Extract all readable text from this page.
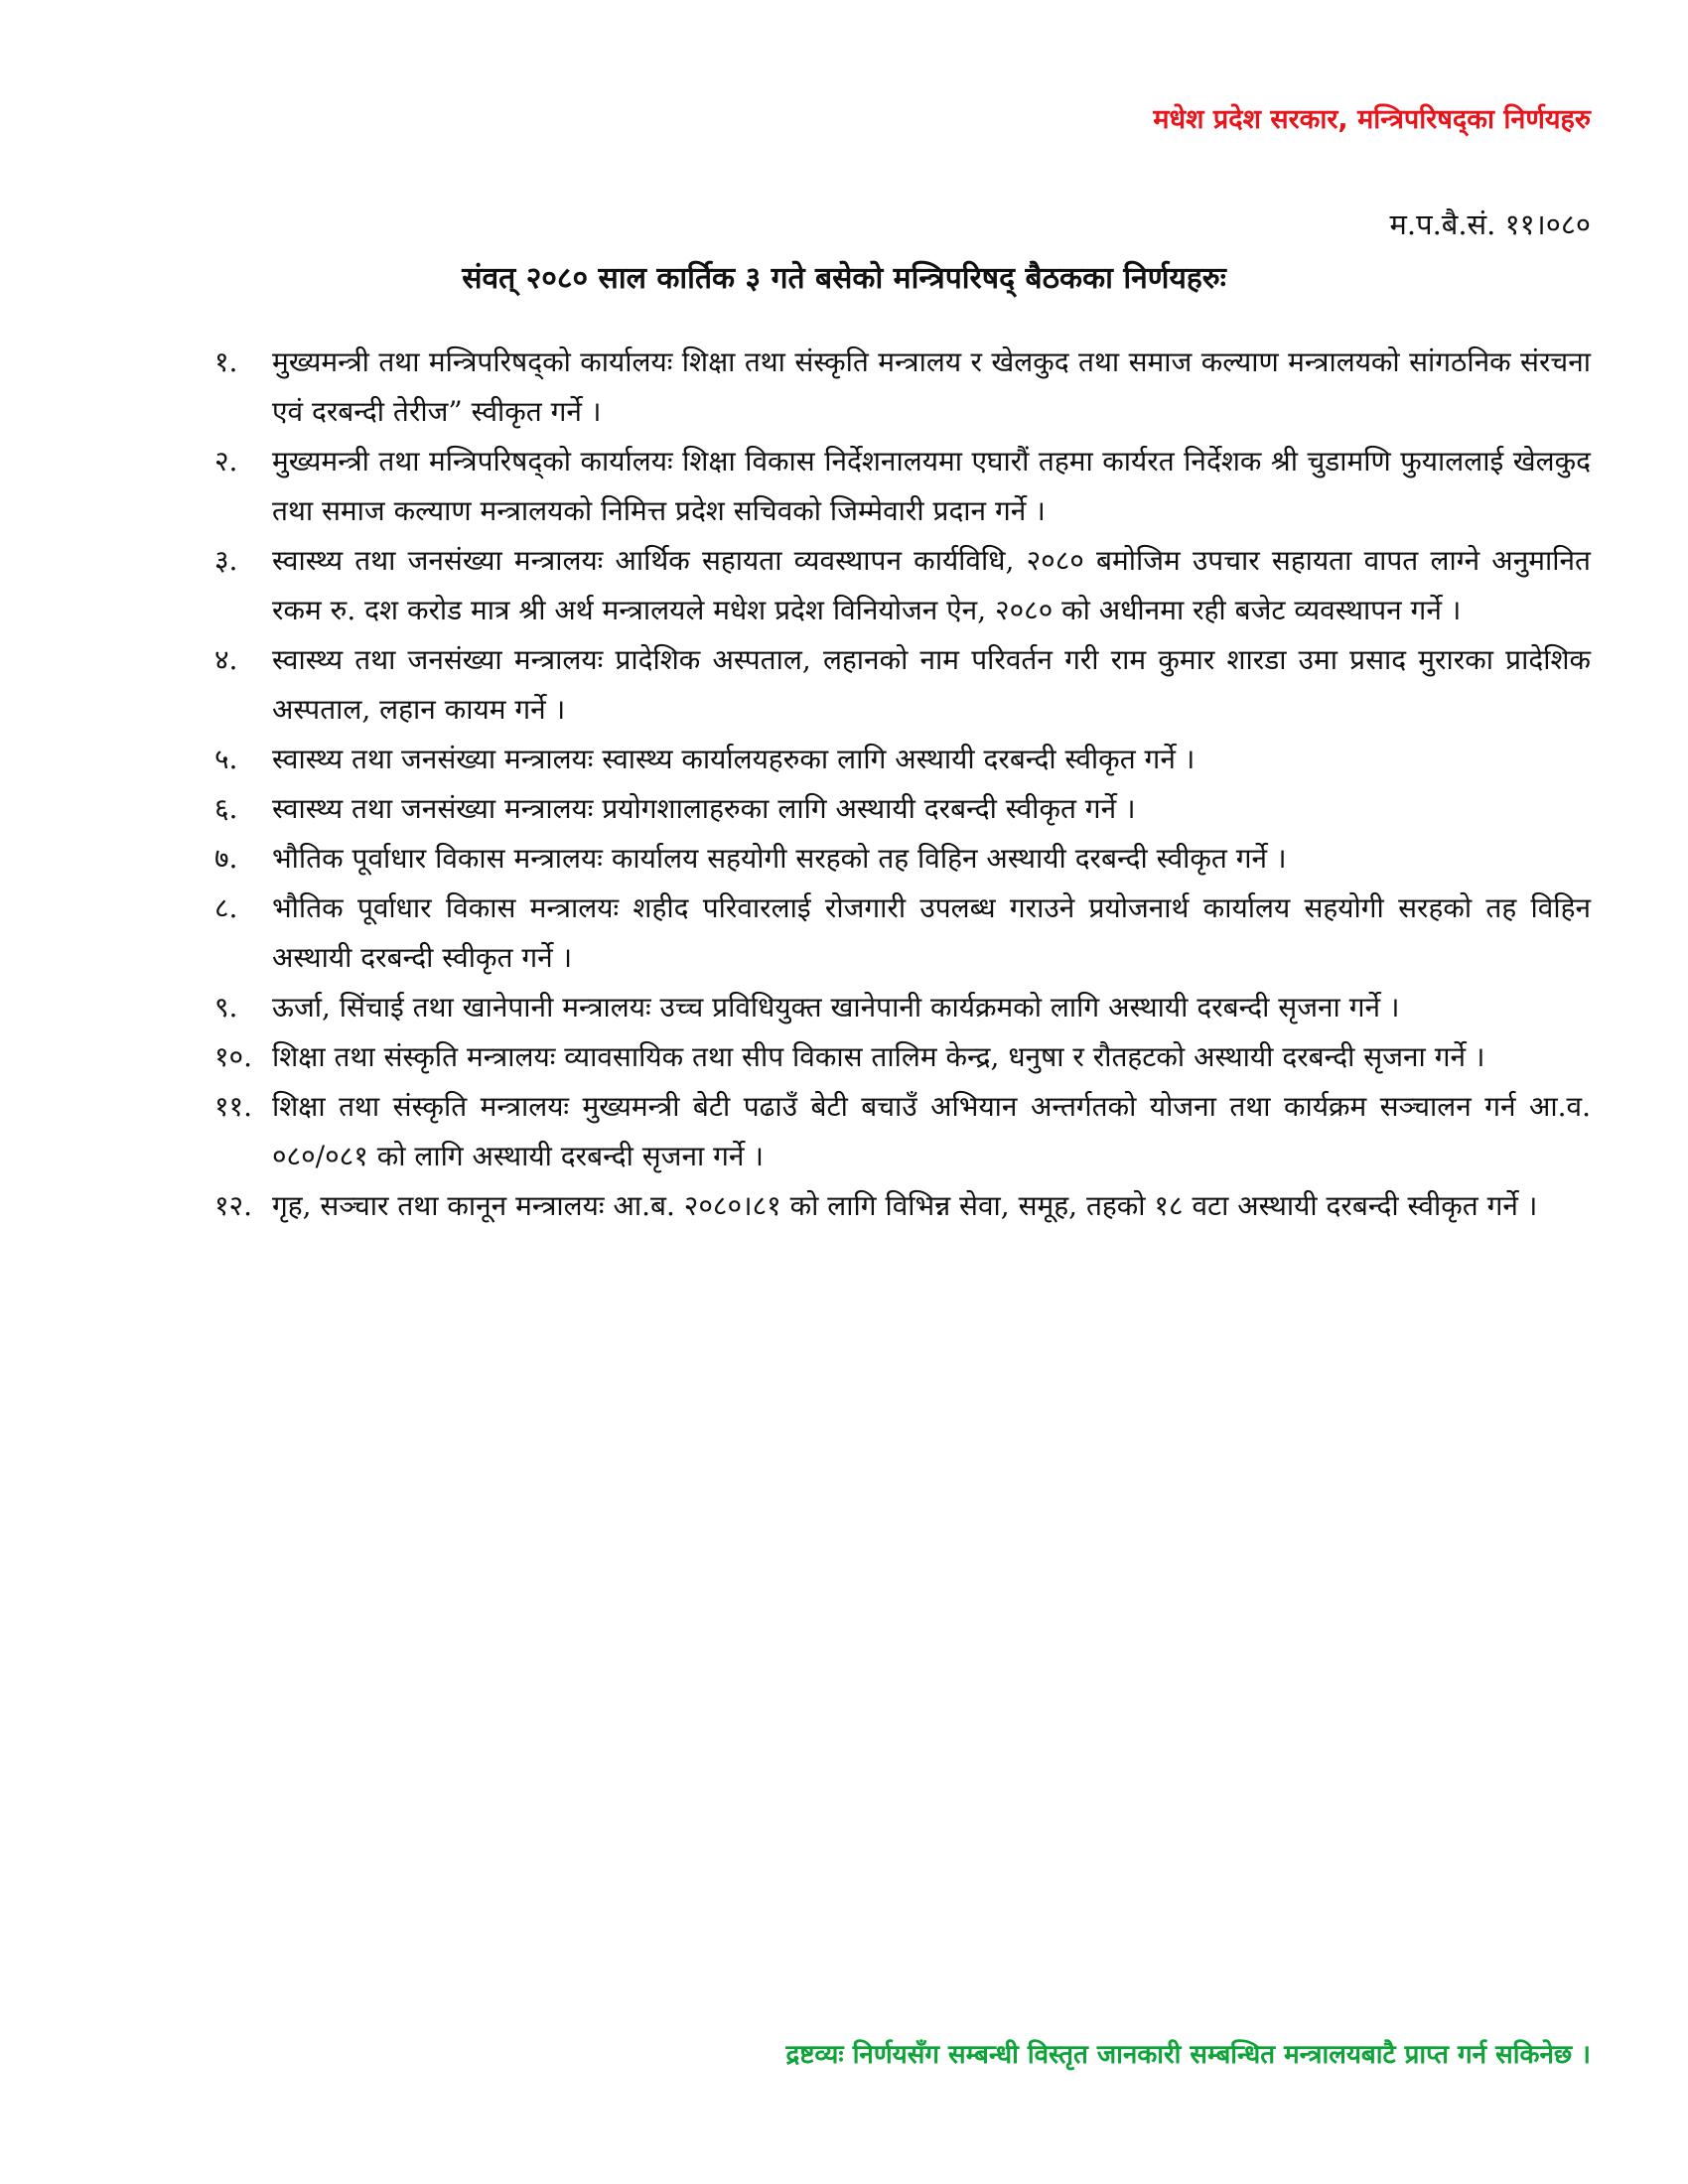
मधेश प्रदेश सरकार, मन्त्रिपरिषद्का निर्णयहरु
म.प.बै.सं. ११।०८०
संवत् २०८० साल कार्तिक ३ गते बसेको मन्त्रिपरिषद् बैठकका निर्णयहरुः
१.	मुख्यमन्त्री तथा मन्त्रिपरिषद्को कार्यालयः शिक्षा तथा संस्कृति मन्त्रालय र खेलकुद तथा समाज कल्याण मन्त्रालयको सांगठनिक संरचना एवं दरबन्दी तेरीज” स्वीकृत गर्ने ।
२.	मुख्यमन्त्री तथा मन्त्रिपरिषद्को कार्यालयः शिक्षा विकास निर्देशनालयमा एघारौं तहमा कार्यरत निर्देशक श्री चुडामणि फुयाललाई खेलकुद तथा समाज कल्याण मन्त्रालयको निमित्त प्रदेश सचिवको जिम्मेवारी प्रदान गर्ने ।
३.	स्वास्थ्य तथा जनसंख्या मन्त्रालयः आर्थिक सहायता व्यवस्थापन कार्यविधि, २०८० बमोजिम उपचार सहायता वापत लाग्ने अनुमानित रकम रु. दश करोड मात्र श्री अर्थ मन्त्रालयले मधेश प्रदेश विनियोजन ऐन, २०८० को अधीनमा रही बजेट व्यवस्थापन गर्ने ।
४.	स्वास्थ्य तथा जनसंख्या मन्त्रालयः प्रादेशिक अस्पताल, लहानको नाम परिवर्तन गरी राम कुमार शारडा उमा प्रसाद मुरारका प्रादेशिक अस्पताल, लहान कायम गर्ने ।
५.	स्वास्थ्य तथा जनसंख्या मन्त्रालयः स्वास्थ्य कार्यालयहरुका लागि अस्थायी दरबन्दी स्वीकृत गर्ने ।
६.	स्वास्थ्य तथा जनसंख्या मन्त्रालयः प्रयोगशालाहरुका लागि अस्थायी दरबन्दी स्वीकृत गर्ने ।
७.	भौतिक पूर्वाधार विकास मन्त्रालयः कार्यालय सहयोगी सरहको तह विहिन अस्थायी दरबन्दी स्वीकृत गर्ने ।
८.	भौतिक पूर्वाधार विकास मन्त्रालयः शहीद परिवारलाई रोजगारी उपलब्ध गराउने प्रयोजनार्थ कार्यालय सहयोगी सरहको तह विहिन अस्थायी दरबन्दी स्वीकृत गर्ने ।
९.	ऊर्जा, सिंचाई तथा खानेपानी मन्त्रालयः उच्च प्रविधियुक्त खानेपानी कार्यक्रमको लागि अस्थायी दरबन्दी सृजना गर्ने ।
१०. शिक्षा तथा संस्कृति मन्त्रालयः व्यावसायिक तथा सीप विकास तालिम केन्द्र, धनुषा र रौतहटको अस्थायी दरबन्दी सृजना गर्ने ।
११. शिक्षा तथा संस्कृति मन्त्रालयः मुख्यमन्त्री बेटी पढाउँ बेटी बचाउँ अभियान अन्तर्गतको योजना तथा कार्यक्रम सञ्चालन गर्न आ.व. ०८०/०८१ को लागि अस्थायी दरबन्दी सृजना गर्ने ।
१२. गृह, सञ्चार तथा कानून मन्त्रालयः आ.ब. २०८०।८१ को लागि विभिन्न सेवा, समूह, तहको १८ वटा अस्थायी दरबन्दी स्वीकृत गर्ने ।
द्रष्टव्यः निर्णयसँग सम्बन्धी विस्तृत जानकारी सम्बन्धित मन्त्रालयबाटै प्राप्त गर्न सकिनेछ ।
